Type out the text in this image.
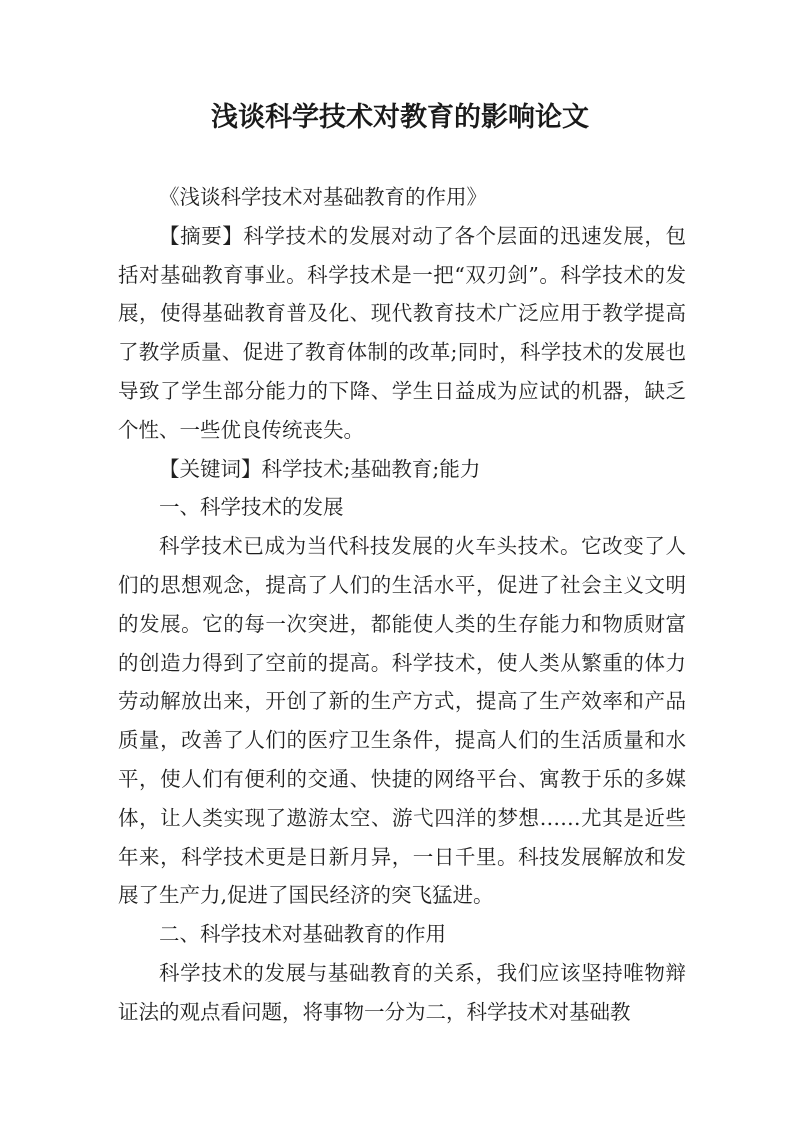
浅谈科学技术对教育的影响论文

《浅谈科学技术对基础教育的作用》

【摘要】科学技术的发展对动了各个层面的迅速发展，包括对基础教育事业。科学技术是一把“双刃剑”。科学技术的发展，使得基础教育普及化、现代教育技术广泛应用于教学提高了教学质量、促进了教育体制的改革;同时，科学技术的发展也导致了学生部分能力的下降、学生日益成为应试的机器，缺乏个性、一些优良传统丧失。

【关键词】科学技术;基础教育;能力

一、科学技术的发展

科学技术已成为当代科技发展的火车头技术。它改变了人们的思想观念，提高了人们的生活水平，促进了社会主义文明的发展。它的每一次突进，都能使人类的生存能力和物质财富的创造力得到了空前的提高。科学技术，使人类从繁重的体力劳动解放出来，开创了新的生产方式，提高了生产效率和产品质量，改善了人们的医疗卫生条件，提高人们的生活质量和水平，使人们有便利的交通、快捷的网络平台、寓教于乐的多媒体，让人类实现了遨游太空、游弋四洋的梦想……尤其是近些年来，科学技术更是日新月异，一日千里。科技发展解放和发展了生产力,促进了国民经济的突飞猛进。

二、科学技术对基础教育的作用

科学技术的发展与基础教育的关系，我们应该坚持唯物辩证法的观点看问题，将事物一分为二，科学技术对基础教
